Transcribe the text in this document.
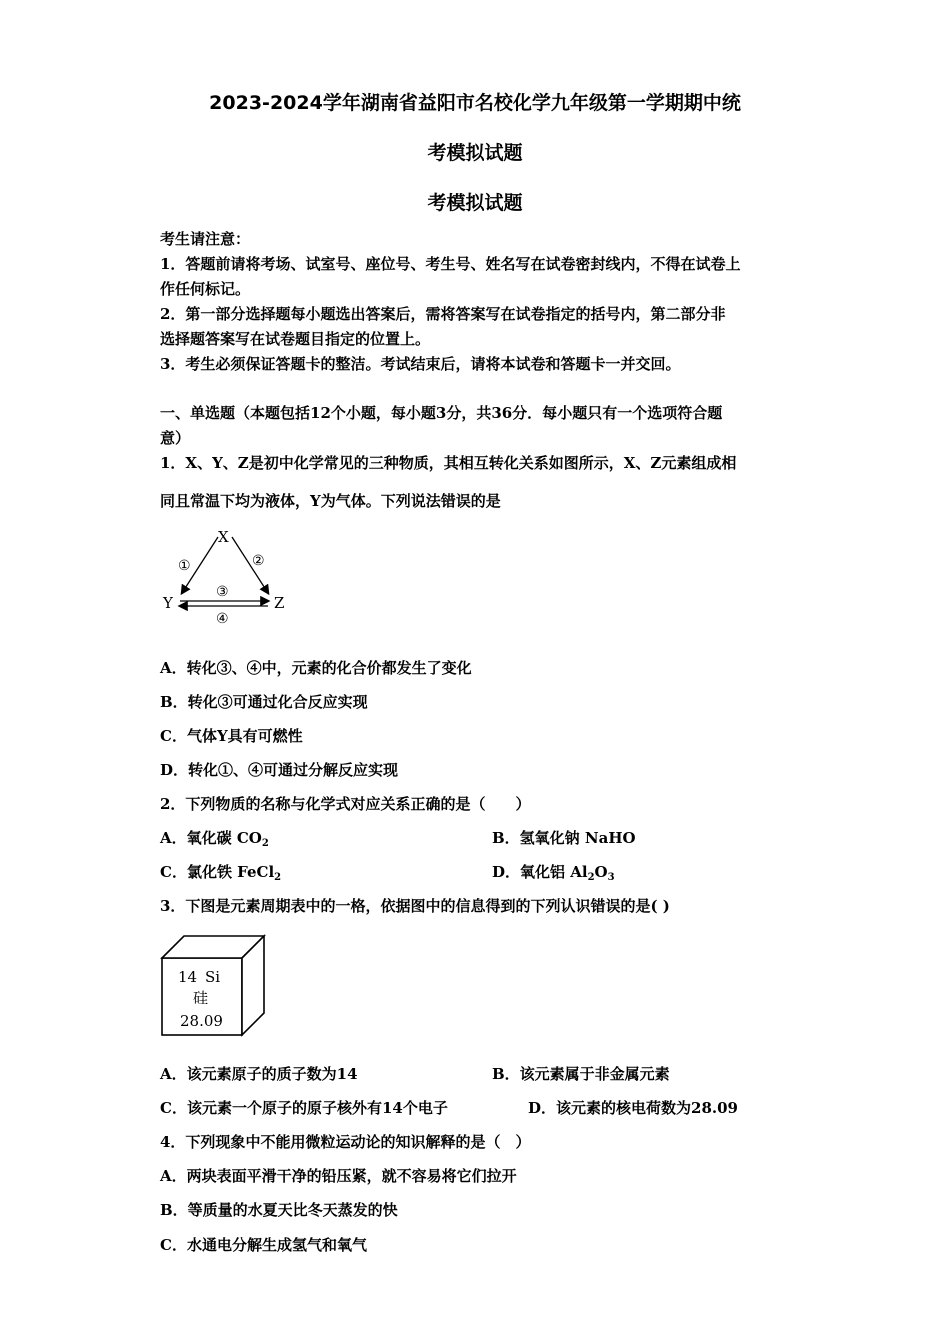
2023-2024学年湖南省益阳市名校化学九年级第一学期期中统
考模拟试题
考模拟试题
考生请注意：
1．答题前请将考场、试室号、座位号、考生号、姓名写在试卷密封线内，不得在试卷上
作任何标记。
2．第一部分选择题每小题选出答案后，需将答案写在试卷指定的括号内，第二部分非
选择题答案写在试卷题目指定的位置上。
3．考生必须保证答题卡的整洁。考试结束后，请将本试卷和答题卡一并交回。
一、单选题（本题包括12个小题，每小题3分，共36分．每小题只有一个选项符合题
意）
1．X、Y、Z是初中化学常见的三种物质，其相互转化关系如图所示，X、Z元素组成相
同且常温下均为液体，Y为气体。下列说法错误的是
X
Y	Z
①	②
③
④
A．转化③、④中，元素的化合价都发生了变化
B．转化③可通过化合反应实现
C．气体Y具有可燃性
D．转化①、④可通过分解反应实现
2．下列物质的名称与化学式对应关系正确的是（　　）
A．氧化碳 $CO_2$	B．氢氧化钠 NaHO
C．氯化铁 FeCl$_2$	D．氧化铝 $Al_2O_3$
3．下图是元素周期表中的一格，依据图中的信息得到的下列认识错误的是( )
14 Si
硅
28.09
A．该元素原子的质子数为14	B．该元素属于非金属元素
C．该元素一个原子的原子核外有14个电子	D．该元素的核电荷数为28.09
4．下列现象中不能用微粒运动论的知识解释的是（　）
A．两块表面平滑干净的铅压紧，就不容易将它们拉开
B．等质量的水夏天比冬天蒸发的快
C．水通电分解生成氢气和氧气
